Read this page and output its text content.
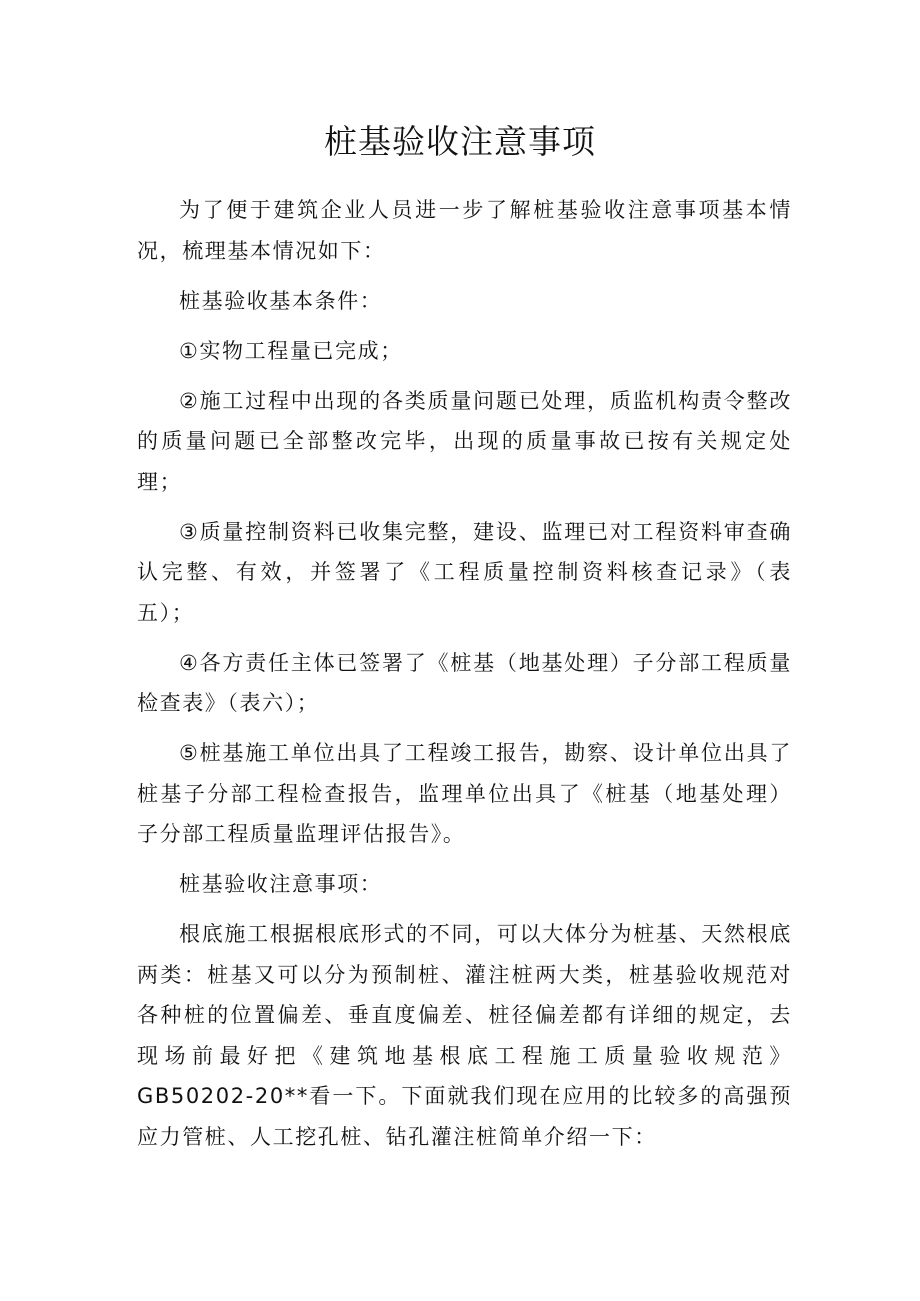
桩基验收注意事项

为了便于建筑企业人员进一步了解桩基验收注意事项基本情况，梳理基本情况如下：

桩基验收基本条件：

①实物工程量已完成；

②施工过程中出现的各类质量问题已处理，质监机构责令整改的质量问题已全部整改完毕，出现的质量事故已按有关规定处理；

③质量控制资料已收集完整，建设、监理已对工程资料审查确认完整、有效，并签署了《工程质量控制资料核查记录》（表五）；

④各方责任主体已签署了《桩基（地基处理）子分部工程质量检查表》（表六）；

⑤桩基施工单位出具了工程竣工报告，勘察、设计单位出具了桩基子分部工程检查报告，监理单位出具了《桩基（地基处理）子分部工程质量监理评估报告》。

桩基验收注意事项：

根底施工根据根底形式的不同，可以大体分为桩基、天然根底两类：桩基又可以分为预制桩、灌注桩两大类，桩基验收规范对各种桩的位置偏差、垂直度偏差、桩径偏差都有详细的规定，去现场前最好把《建筑地基根底工程施工质量验收规范》GB50202-20**看一下。下面就我们现在应用的比较多的高强预应力管桩、人工挖孔桩、钻孔灌注桩简单介绍一下：
